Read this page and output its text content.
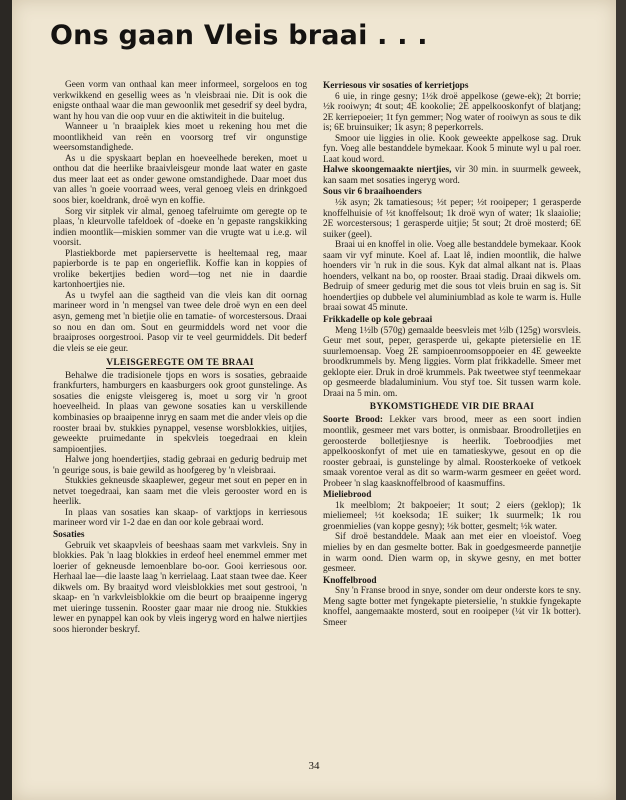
Ons gaan Vleis braai . . .

Geen vorm van onthaal kan meer informeel, sorgeloos en tog verkwikkend en gesellig wees as 'n vleisbraai nie. Dit is ook die enigste onthaal waar die man gewoonlik met gesedrif sy deel bydra, want hy hou van die oop vuur en die aktiwiteit in die buitelug.

Wanneer u 'n braaiplek kies moet u rekening hou met die moontlikheid van reën en voorsorg tref vir ongunstige weersomstandighede.

As u die spyskaart beplan en hoeveelhede bereken, moet u onthou dat die heerlike braaivleisgeur monde laat water en gaste dus meer laat eet as onder gewone omstandighede. Daar moet dus van alles 'n goeie voorraad wees, veral genoeg vleis en drinkgoed soos bier, koeldrank, droë wyn en koffie.

Sorg vir sitplek vir almal, genoeg tafelruimte om geregte op te plaas, 'n kleurvolle tafeldoek of -doeke en 'n gepaste rangskikking indien moontlik—miskien sommer van die vrugte wat u i.e.g. wil voorsit.

Plastiekborde met papierservette is heeltemaal reg, maar papierborde is te pap en ongerieflik. Koffie kan in koppies of vrolike bekertjies bedien word—tog net nie in daardie kartonhoertjies nie.

As u twyfel aan die sagtheid van die vleis kan dit oornag marineer word in 'n mengsel van twee dele droë wyn en een deel asyn, gemeng met 'n bietjie olie en tamatie- of worcestersous. Draai so nou en dan om. Sout en geurmiddels word net voor die braaiproses oorgestrooi. Pasop vir te veel geurmiddels. Dit bederf die vleis se eie geur.

VLEISGEREGTE OM TE BRAAI

Behalwe die tradisionele tjops en wors is sosaties, gebraaide frankfurters, hamburgers en kaasburgers ook groot gunstelinge. As sosaties die enigste vleisgereg is, moet u sorg vir 'n groot hoeveelheid. In plaas van gewone sosaties kan u verskillende kombinasies op braaipenne inryg en saam met die ander vleis op die rooster braai bv. stukkies pynappel, vesense worsblokkies, uitjies, geweekte pruimedante in spekvleis toegedraai en klein sampioentjies.

Halwe jong hoendertjies, stadig gebraai en gedurig bedruip met 'n geurige sous, is baie gewild as hoofgereg by 'n vleisbraai.

Stukkies gekneusde skaaplewer, gegeur met sout en peper en in netvet toegedraai, kan saam met die vleis gerooster word en is heerlik.

In plaas van sosaties kan skaap- of varktjops in kerriesous marineer word vir 1-2 dae en dan oor kole gebraai word.

Sosaties

Gebruik vet skaapvleis of beeshaas saam met varkvleis. Sny in blokkies. Pak 'n laag blokkies in erdeof heel enemmel emmer met loerier of gekneusde lemoenblare bo-oor. Gooi kerriesous oor. Herhaal lae—die laaste laag 'n kerrielaag. Laat staan twee dae. Keer dikwels om. By braaityd word vleisblokkies met sout gestrooi, 'n skaap- en 'n varkvleisblokkie om die beurt op braaipenne ingeryg met uieringe tussenin. Rooster gaar maar nie droog nie. Stukkies lewer en pynappel kan ook by vleis ingeryg word en halwe niertjies soos hieronder beskryf.

Kerriesous vir sosaties of kerrietjops

6 uie, in ringe gesny; 1½k droë appelkose (gewe-ek); 2t borrie; ½k rooiwyn; 4t sout; 4E kookolie; 2E appelkooskonfyt of blatjang; 2E kerriepoeier; 1t fyn gemmer; Nog water of rooiwyn as sous te dik is; 6E bruinsuiker; 1k asyn; 8 peperkorrels.

Smoor uie liggies in olie. Kook geweekte appelkose sag. Druk fyn. Voeg alle bestanddele bymekaar. Kook 5 minute wyl u pal roer. Laat koud word.

Halwe skoongemaakte niertjies, vir 30 min. in suurmelk geweek, kan saam met sosaties ingeryg word.

Sous vir 6 braaihoenders

½k asyn; 2k tamatiesous; ½t peper; ½t rooipeper; 1 gerasperde knoffelhuisie of ½t knoffelsout; 1k droë wyn of water; 1k slaaiolie; 2E worcestersous; 1 gerasperde uitjie; 5t sout; 2t droë mosterd; 6E suiker (geel).

Braai ui en knoffel in olie. Voeg alle bestanddele bymekaar. Kook saam vir vyf minute. Koel af. Laat lê, indien moontlik, die halwe hoenders vir 'n ruk in die sous. Kyk dat almal alkant nat is. Plaas hoenders, velkant na bo, op rooster. Braai stadig. Draai dikwels om. Bedruip of smeer gedurig met die sous tot vleis bruin en sag is. Sit hoendertjies op dubbele vel aluminiumblad as kole te warm is. Hulle braai sowat 45 minute.

Frikkadelle op kole gebraai

Meng 1½lb (570g) gemaalde beesvleis met ½lb (125g) worsvleis. Geur met sout, peper, gerasperde ui, gekapte pietersielie en 1E suurlemoensap. Voeg 2E sampioenroomsoppoeier en 4E geweekte broodkrummels by. Meng liggies. Vorm plat frikkadelle. Smeer met geklopte eier. Druk in droë krummels. Pak tweetwee styf teenmekaar op gesmeerde bladaluminium. Vou styf toe. Sit tussen warm kole. Draai na 5 min. om.

BYKOMSTIGHEDE VIR DIE BRAAI

Soorte Brood: Lekker vars brood, meer as een soort indien moontlik, gesmeer met vars botter, is onmisbaar. Broodrolletjies en geroosterde bolletjiesnye is heerlik. Toebroodjies met appelkooskonfyt of met uie en tamatieskywe, gesout en op die rooster gebraai, is gunstelinge by almal. Roosterkoeke of vetkoek smaak vorentoe veral as dit so warm-warm gesmeer en geëet word. Probeer 'n slag kaasknoffelbrood of kaasmuffins.

Mieliebrood

1k meelblom; 2t bakpoeier; 1t sout; 2 eiers (geklop); 1k mieliemeel; ½t koeksoda; 1E suiker; 1k suurmelk; 1k rou groenmielies (van koppe gesny); ½k botter, gesmelt; ½k water.

Sif droë bestanddele. Maak aan met eier en vloeistof. Voeg mielies by en dan gesmelte botter. Bak in goedgesmeerde pannetjie in warm oond. Dien warm op, in skywe gesny, en met botter gesmeer.

Knoffelbrood

Sny 'n Franse brood in snye, sonder om deur onderste kors te sny. Meng sagte botter met fyngekapte pietersielie, 'n stukkie fyngekapte knoffel, aangemaakte mosterd, sout en rooipeper (¼t vir 1k botter). Smeer

34
